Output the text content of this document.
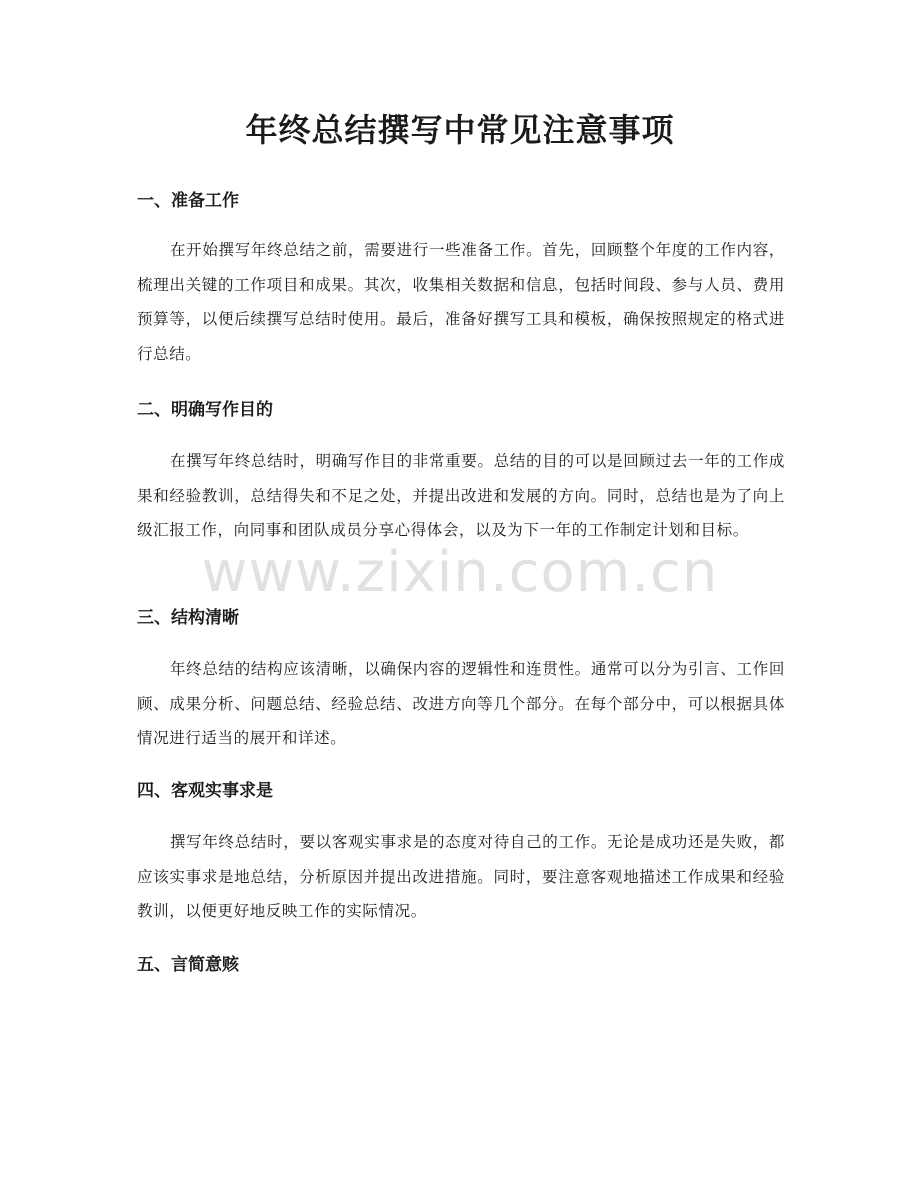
年终总结撰写中常见注意事项
一、准备工作

在开始撰写年终总结之前，需要进行一些准备工作。首先，回顾整个年度的工作内容，梳理出关键的工作项目和成果。其次，收集相关数据和信息，包括时间段、参与人员、费用预算等，以便后续撰写总结时使用。最后，准备好撰写工具和模板，确保按照规定的格式进行总结。

二、明确写作目的

在撰写年终总结时，明确写作目的非常重要。总结的目的可以是回顾过去一年的工作成果和经验教训，总结得失和不足之处，并提出改进和发展的方向。同时，总结也是为了向上级汇报工作，向同事和团队成员分享心得体会，以及为下一年的工作制定计划和目标。

三、结构清晰

年终总结的结构应该清晰，以确保内容的逻辑性和连贯性。通常可以分为引言、工作回顾、成果分析、问题总结、经验总结、改进方向等几个部分。在每个部分中，可以根据具体情况进行适当的展开和详述。

四、客观实事求是

撰写年终总结时，要以客观实事求是的态度对待自己的工作。无论是成功还是失败，都应该实事求是地总结，分析原因并提出改进措施。同时，要注意客观地描述工作成果和经验教训，以便更好地反映工作的实际情况。

五、言简意赅
www.zixin.com.cn
